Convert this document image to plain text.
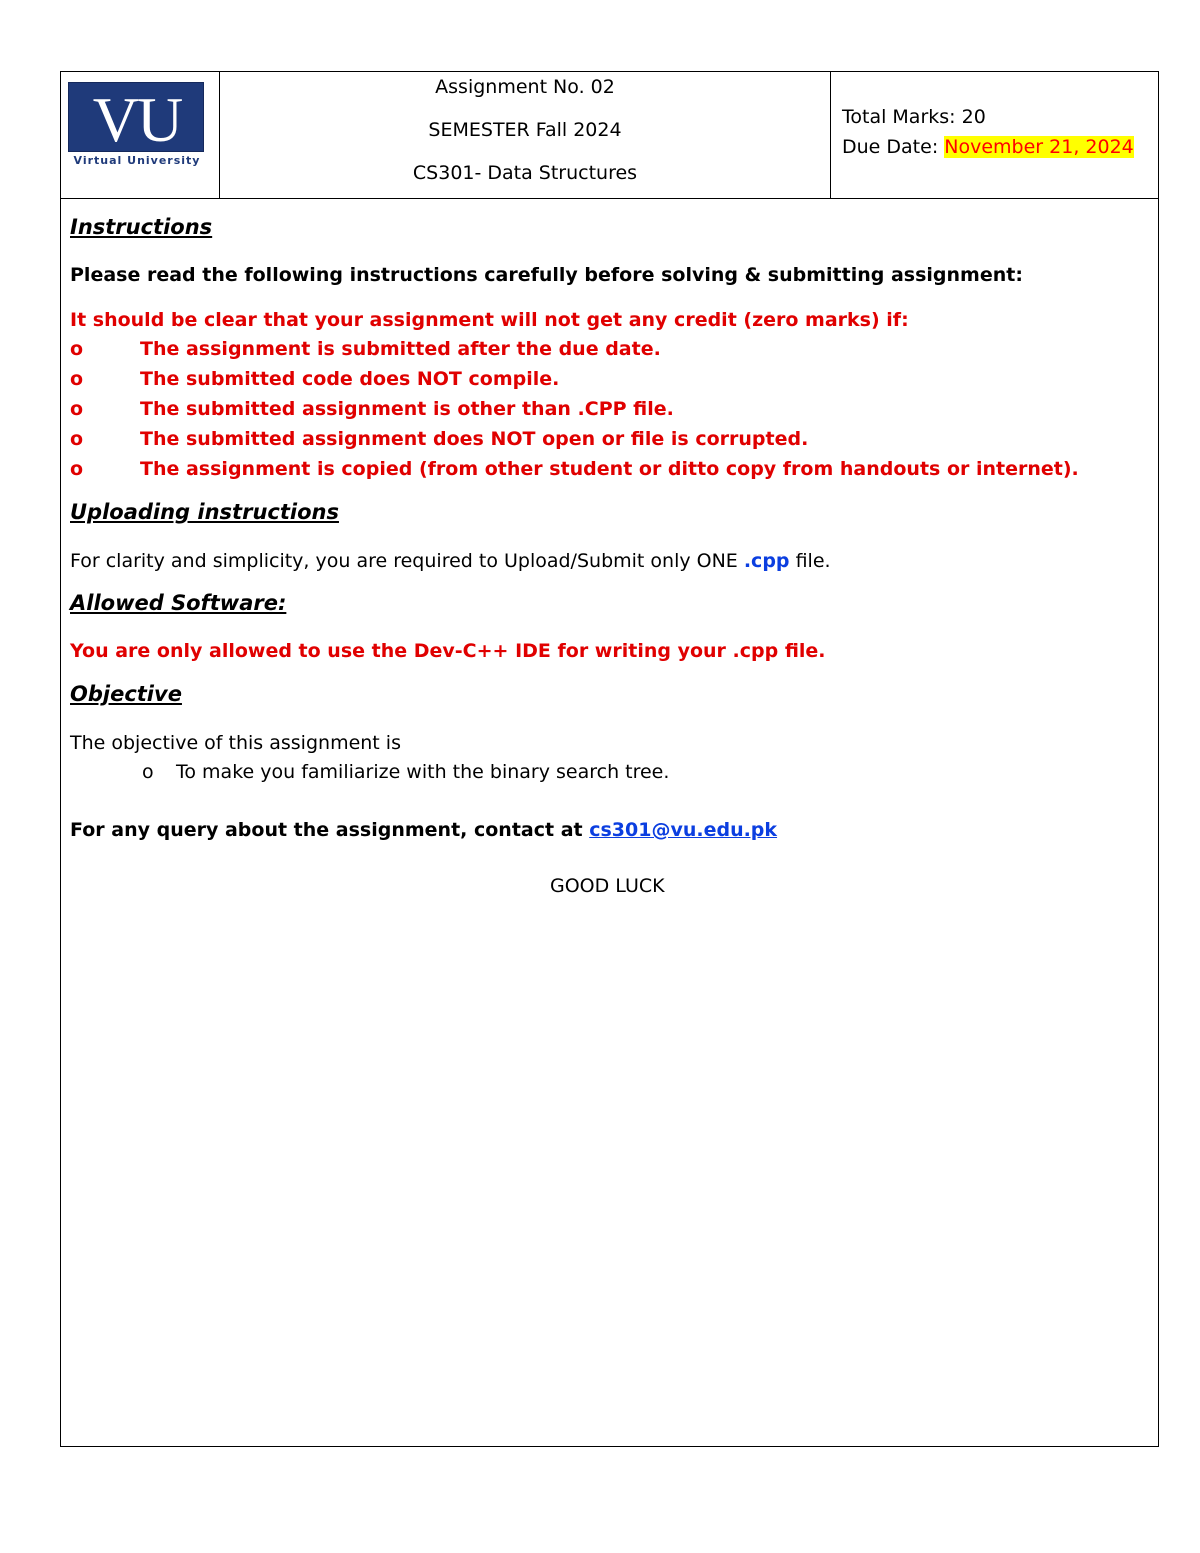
VU
Virtual University
Assignment No. 02
SEMESTER Fall 2024
CS301- Data Structures
Total Marks: 20
Due Date: November 21, 2024
Instructions
Please read the following instructions carefully before solving & submitting assignment:
It should be clear that your assignment will not get any credit (zero marks) if:
o	The assignment is submitted after the due date.
o	The submitted code does NOT compile.
o	The submitted assignment is other than .CPP file.
o	The submitted assignment does NOT open or file is corrupted.
o	The assignment is copied (from other student or ditto copy from handouts or internet).
Uploading instructions
For clarity and simplicity, you are required to Upload/Submit only ONE .cpp file.
Allowed Software:
You are only allowed to use the Dev-C++ IDE for writing your .cpp file.
Objective
The objective of this assignment is
o To make you familiarize with the binary search tree.
For any query about the assignment, contact at cs301@vu.edu.pk
GOOD LUCK
